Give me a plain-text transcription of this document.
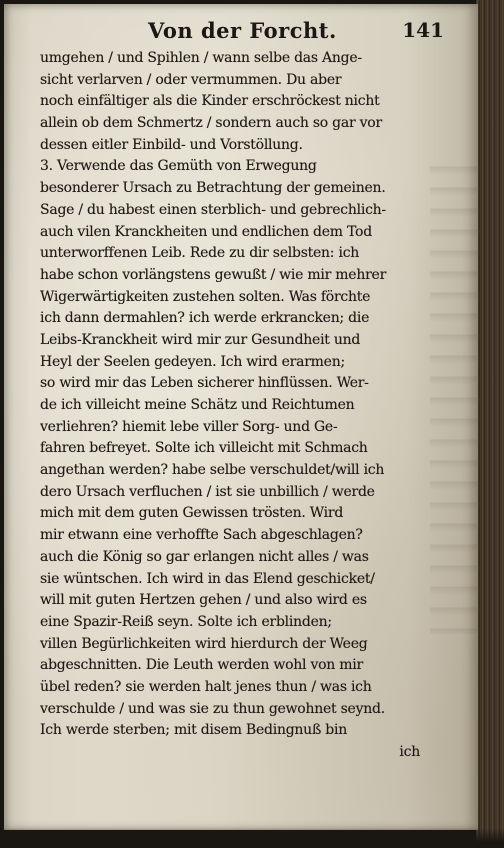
Von der Forcht.	141
umgehen / und Spihlen / wann selbe das Ange-
sicht verlarven / oder vermummen. Du aber
noch einfältiger als die Kinder erschröckest nicht
allein ob dem Schmertz / sondern auch so gar vor
dessen eitler Einbild- und Vorstöllung.
3. Verwende das Gemüth von Erwegung
besonderer Ursach zu Betrachtung der gemeinen.
Sage / du habest einen sterblich- und gebrechlich-
auch vilen Kranckheiten und endlichen dem Tod
unterworffenen Leib. Rede zu dir selbsten: ich
habe schon vorlängstens gewußt / wie mir mehrer
Wigerwärtigkeiten zustehen solten. Was förchte
ich dann dermahlen? ich werde erkrancken; die
Leibs-Kranckheit wird mir zur Gesundheit und
Heyl der Seelen gedeyen. Ich wird erarmen;
so wird mir das Leben sicherer hinflüssen. Wer-
de ich villeicht meine Schätz und Reichtumen
verliehren? hiemit lebe viller Sorg- und Ge-
fahren befreyet. Solte ich villeicht mit Schmach
angethan werden? habe selbe verschuldet/will ich
dero Ursach verfluchen / ist sie unbillich / werde
mich mit dem guten Gewissen trösten. Wird
mir etwann eine verhoffte Sach abgeschlagen?
auch die König so gar erlangen nicht alles / was
sie wüntschen. Ich wird in das Elend geschicket/
will mit guten Hertzen gehen / und also wird es
eine Spazir-Reiß seyn. Solte ich erblinden;
villen Begürlichkeiten wird hierdurch der Weeg
abgeschnitten. Die Leuth werden wohl von mir
übel reden? sie werden halt jenes thun / was ich
verschulde / und was sie zu thun gewohnet seynd.
Ich werde sterben; mit disem Bedingnuß bin
ich
